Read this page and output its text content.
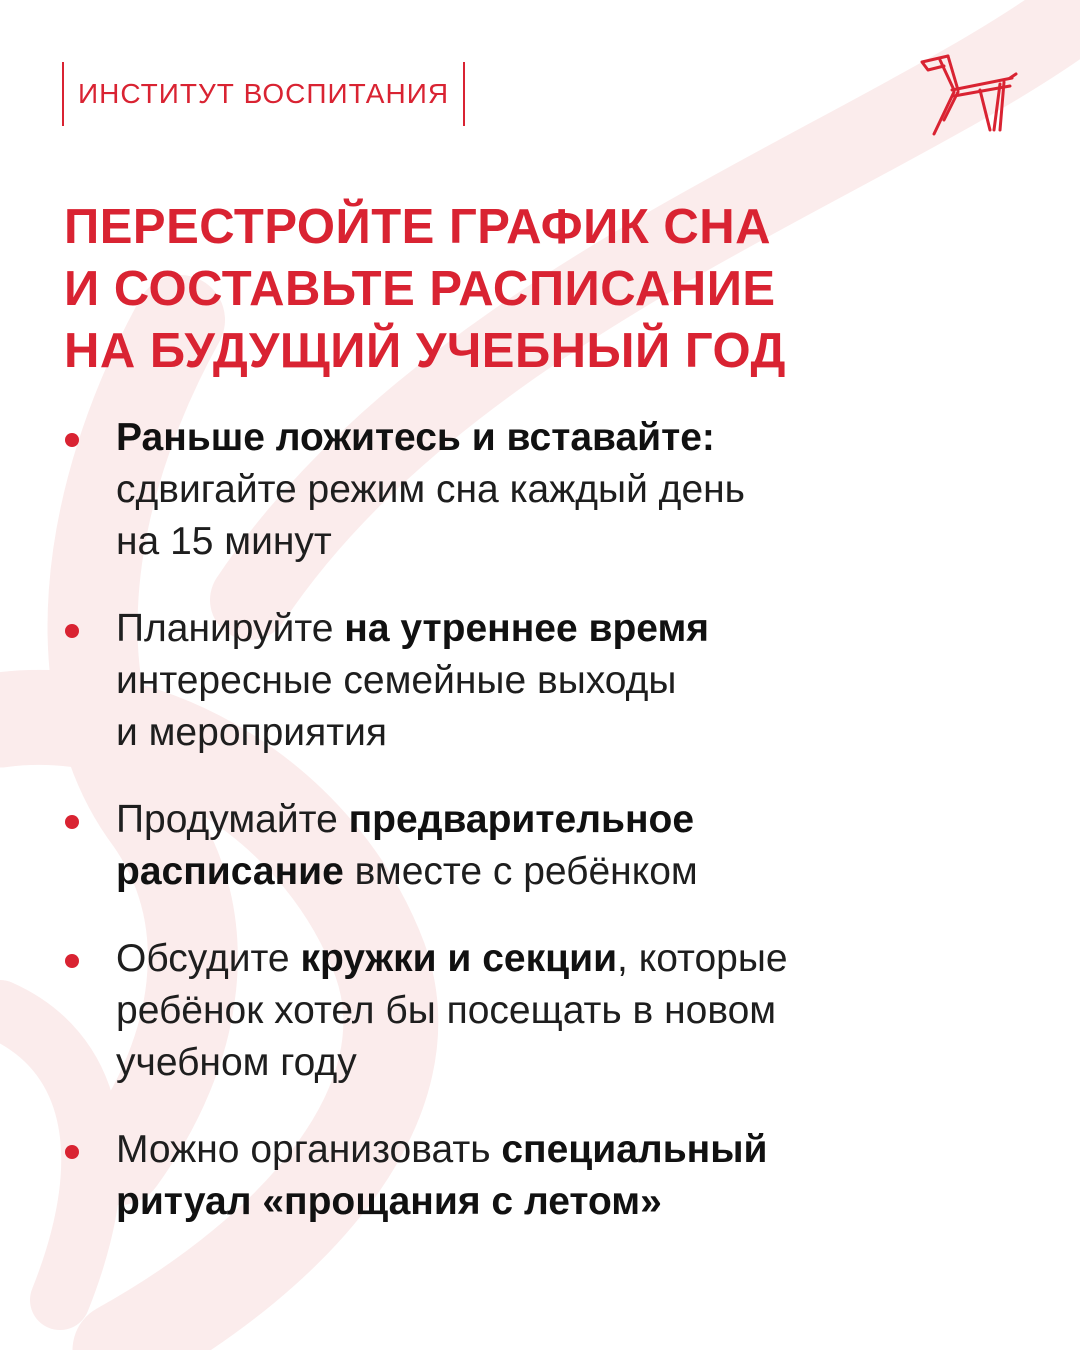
ИНСТИТУТ ВОСПИТАНИЯ
ПЕРЕСТРОЙТЕ ГРАФИК СНА
И СОСТАВЬТЕ РАСПИСАНИЕ
НА БУДУЩИЙ УЧЕБНЫЙ ГОД
Раньше ложитесь и вставайте:
сдвигайте режим сна каждый день
на 15 минут
Планируйте на утреннее время
интересные семейные выходы
и мероприятия
Продумайте предварительное
расписание вместе с ребёнком
Обсудите кружки и секции, которые
ребёнок хотел бы посещать в новом
учебном году
Можно организовать специальный
ритуал «прощания с летом»
